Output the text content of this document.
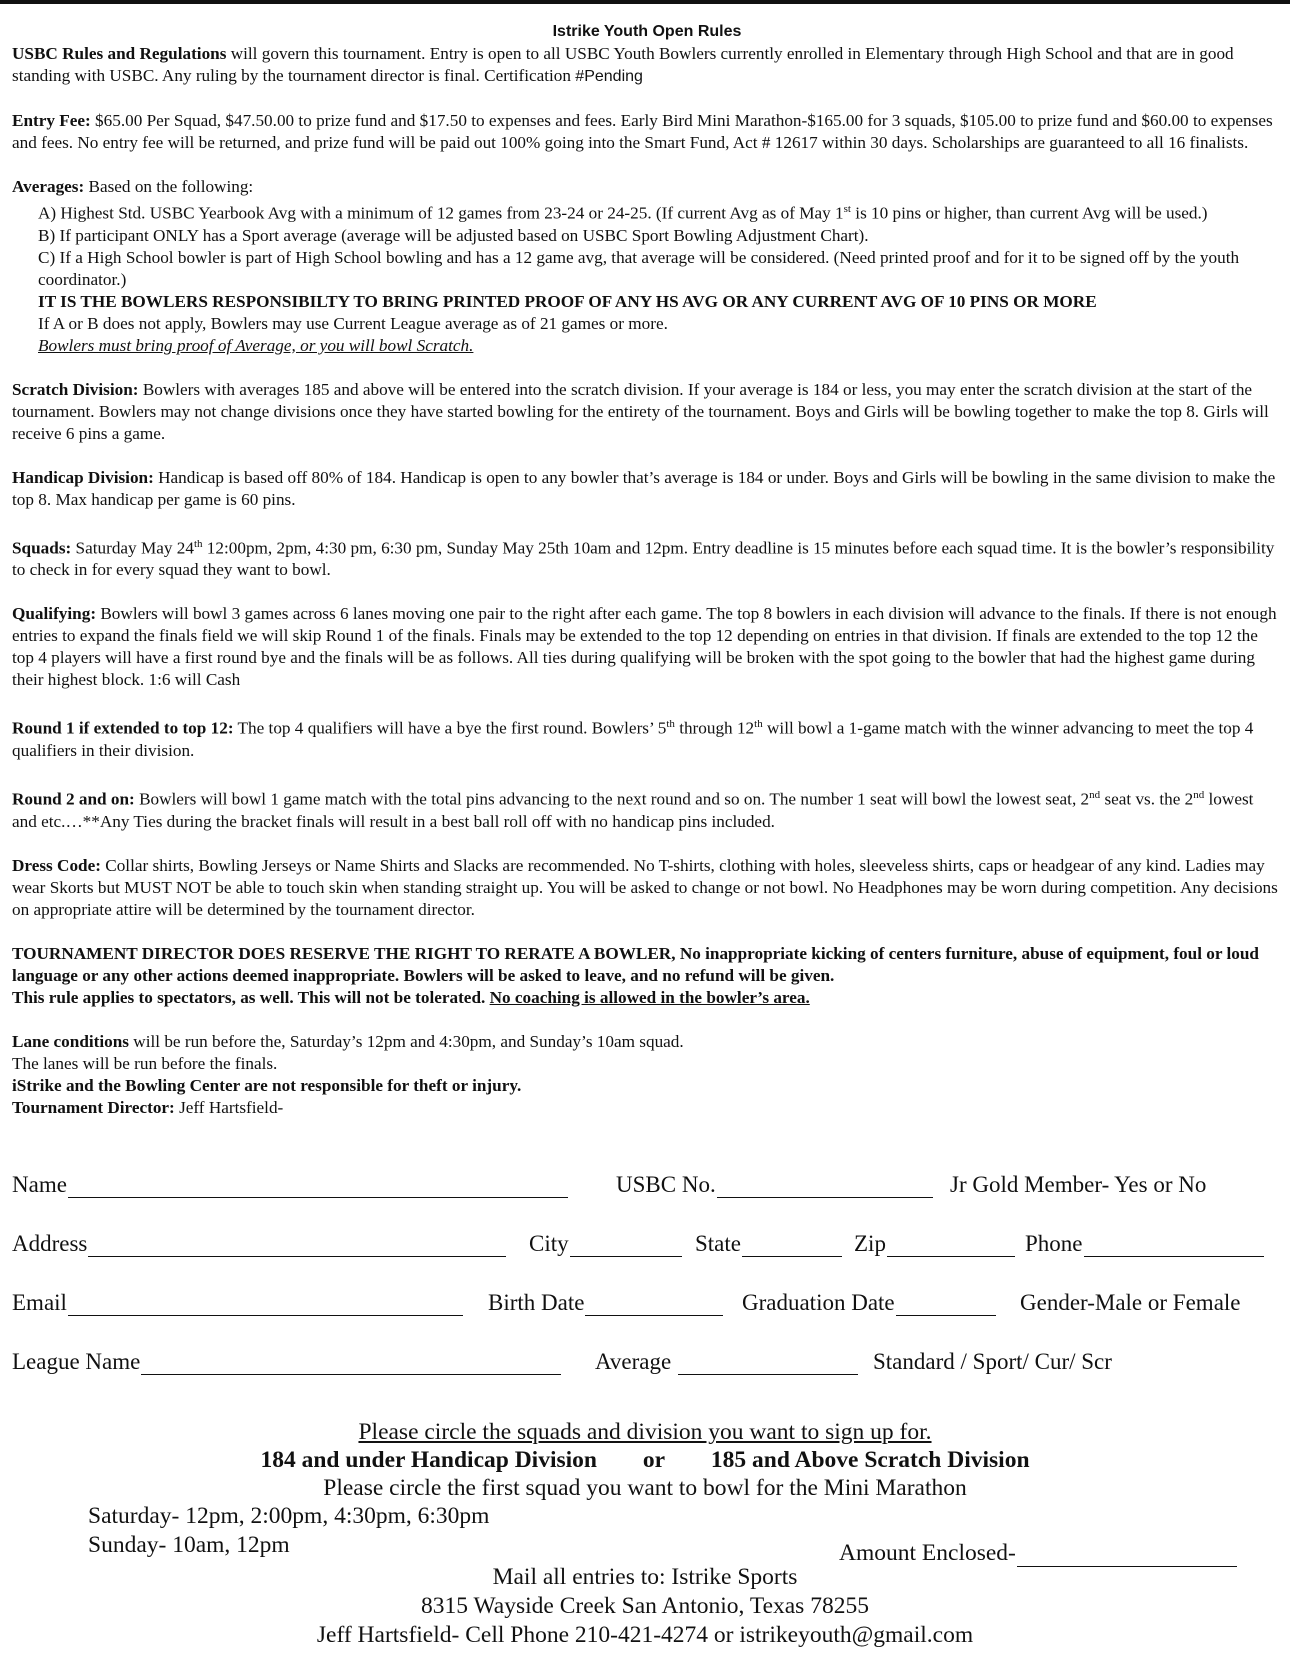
Istrike Youth Open Rules

USBC Rules and Regulations will govern this tournament. Entry is open to all USBC Youth Bowlers currently enrolled in Elementary through High School and that are in good standing with USBC. Any ruling by the tournament director is final. Certification #Pending

Entry Fee: $65.00 Per Squad, $47.50.00 to prize fund and $17.50 to expenses and fees. Early Bird Mini Marathon-$165.00 for 3 squads, $105.00 to prize fund and $60.00 to expenses and fees. No entry fee will be returned, and prize fund will be paid out 100% going into the Smart Fund, Act # 12617 within 30 days. Scholarships are guaranteed to all 16 finalists.

Averages: Based on the following:

A) Highest Std. USBC Yearbook Avg with a minimum of 12 games from 23-24 or 24-25. (If current Avg as of May 1st is 10 pins or higher, than current Avg will be used.)

B) If participant ONLY has a Sport average (average will be adjusted based on USBC Sport Bowling Adjustment Chart).

C) If a High School bowler is part of High School bowling and has a 12 game avg, that average will be considered. (Need printed proof and for it to be signed off by the youth coordinator.)

IT IS THE BOWLERS RESPONSIBILTY TO BRING PRINTED PROOF OF ANY HS AVG OR ANY CURRENT AVG OF 10 PINS OR MORE

If A or B does not apply, Bowlers may use Current League average as of 21 games or more.

Bowlers must bring proof of Average, or you will bowl Scratch.

Scratch Division: Bowlers with averages 185 and above will be entered into the scratch division. If your average is 184 or less, you may enter the scratch division at the start of the tournament. Bowlers may not change divisions once they have started bowling for the entirety of the tournament. Boys and Girls will be bowling together to make the top 8. Girls will receive 6 pins a game.

Handicap Division: Handicap is based off 80% of 184. Handicap is open to any bowler that’s average is 184 or under. Boys and Girls will be bowling in the same division to make the top 8. Max handicap per game is 60 pins.

Squads: Saturday May 24th 12:00pm, 2pm, 4:30 pm, 6:30 pm, Sunday May 25th 10am and 12pm. Entry deadline is 15 minutes before each squad time. It is the bowler’s responsibility to check in for every squad they want to bowl.

Qualifying: Bowlers will bowl 3 games across 6 lanes moving one pair to the right after each game. The top 8 bowlers in each division will advance to the finals. If there is not enough entries to expand the finals field we will skip Round 1 of the finals. Finals may be extended to the top 12 depending on entries in that division. If finals are extended to the top 12 the top 4 players will have a first round bye and the finals will be as follows. All ties during qualifying will be broken with the spot going to the bowler that had the highest game during their highest block. 1:6 will Cash

Round 1 if extended to top 12: The top 4 qualifiers will have a bye the first round. Bowlers’ 5th through 12th will bowl a 1-game match with the winner advancing to meet the top 4 qualifiers in their division.

Round 2 and on: Bowlers will bowl 1 game match with the total pins advancing to the next round and so on. The number 1 seat will bowl the lowest seat, 2nd seat vs. the 2nd lowest and etc.…**Any Ties during the bracket finals will result in a best ball roll off with no handicap pins included.

Dress Code: Collar shirts, Bowling Jerseys or Name Shirts and Slacks are recommended. No T-shirts, clothing with holes, sleeveless shirts, caps or headgear of any kind. Ladies may wear Skorts but MUST NOT be able to touch skin when standing straight up. You will be asked to change or not bowl. No Headphones may be worn during competition. Any decisions on appropriate attire will be determined by the tournament director.

TOURNAMENT DIRECTOR DOES RESERVE THE RIGHT TO RERATE A BOWLER, No inappropriate kicking of centers furniture, abuse of equipment, foul or loud language or any other actions deemed inappropriate. Bowlers will be asked to leave, and no refund will be given.

This rule applies to spectators, as well. This will not be tolerated. No coaching is allowed in the bowler’s area.

Lane conditions will be run before the, Saturday’s 12pm and 4:30pm, and Sunday’s 10am squad.

The lanes will be run before the finals.

iStrike and the Bowling Center are not responsible for theft or injury.

Tournament Director: Jeff Hartsfield-

Name	USBC No.	Jr Gold Member- Yes or No
Address	City	State	Zip	Phone
Email	Birth Date	Graduation Date	Gender-Male or Female
League Name	Average	Standard / Sport/ Cur/ Scr
Please circle the squads and division you want to sign up for.
184 and under Handicap Division or 185 and Above Scratch Division
Please circle the first squad you want to bowl for the Mini Marathon
Saturday- 12pm, 2:00pm, 4:30pm, 6:30pm
Sunday- 10am, 12pm	Amount Enclosed-
Mail all entries to: Istrike Sports
8315 Wayside Creek San Antonio, Texas 78255
Jeff Hartsfield- Cell Phone 210-421-4274 or istrikeyouth@gmail.com
